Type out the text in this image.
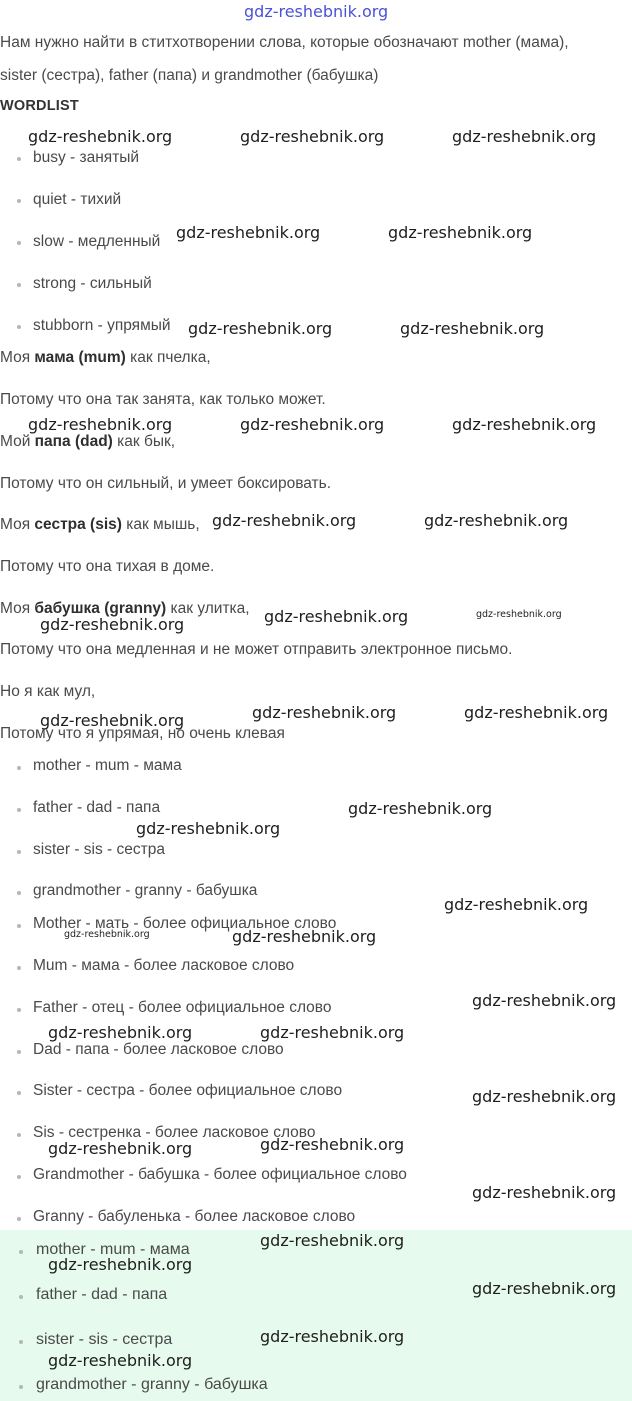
gdz-reshebnik.org
Нам нужно найти в ститхотворении слова, которые обозначают mother (мама),
sister (сестра), father (папа) и grandmother (бабушка)
WORDLIST
busy - занятый
quiet - тихий
slow - медленный
strong - сильный
stubborn - упрямый
Моя мама (mum) как пчелка,
Потому что она так занята, как только может.
Мой папа (dad) как бык,
Потому что он сильный, и умеет боксировать.
Моя сестра (sis) как мышь,
Потому что она тихая в доме.
Моя бабушка (granny) как улитка,
Потому что она медленная и не может отправить электронное письмо.
Но я как мул,
Потому что я упрямая, но очень клевая
mother - mum - мама
father - dad - папа
sister - sis - сестра
grandmother - granny - бабушка
Mother - мать - более официальное слово
Mum - мама - более ласковое слово
Father - отец - более официальное слово
Dad - папа - более ласковое слово
Sister - сестра - более официальное слово
Sis - сестренка - более ласковое слово
Grandmother - бабушка - более официальное слово
Granny - бабуленька - более ласковое слово
mother - mum - мама
father - dad - папа
sister - sis - сестра
grandmother - granny - бабушка
gdz-reshebnik.org	gdz-reshebnik.org	gdz-reshebnik.org
gdz-reshebnik.org	gdz-reshebnik.org
gdz-reshebnik.org	gdz-reshebnik.org
gdz-reshebnik.org	gdz-reshebnik.org	gdz-reshebnik.org
gdz-reshebnik.org	gdz-reshebnik.org
gdz-reshebnik.org	gdz-reshebnik.org
gdz-reshebnik.org
gdz-reshebnik.org	gdz-reshebnik.org
gdz-reshebnik.org
gdz-reshebnik.org
gdz-reshebnik.org
gdz-reshebnik.org
gdz-reshebnik.org	gdz-reshebnik.org
gdz-reshebnik.org
gdz-reshebnik.org	gdz-reshebnik.org
gdz-reshebnik.org
gdz-reshebnik.org	gdz-reshebnik.org
gdz-reshebnik.org
gdz-reshebnik.org
gdz-reshebnik.org
gdz-reshebnik.org
gdz-reshebnik.org
gdz-reshebnik.org
